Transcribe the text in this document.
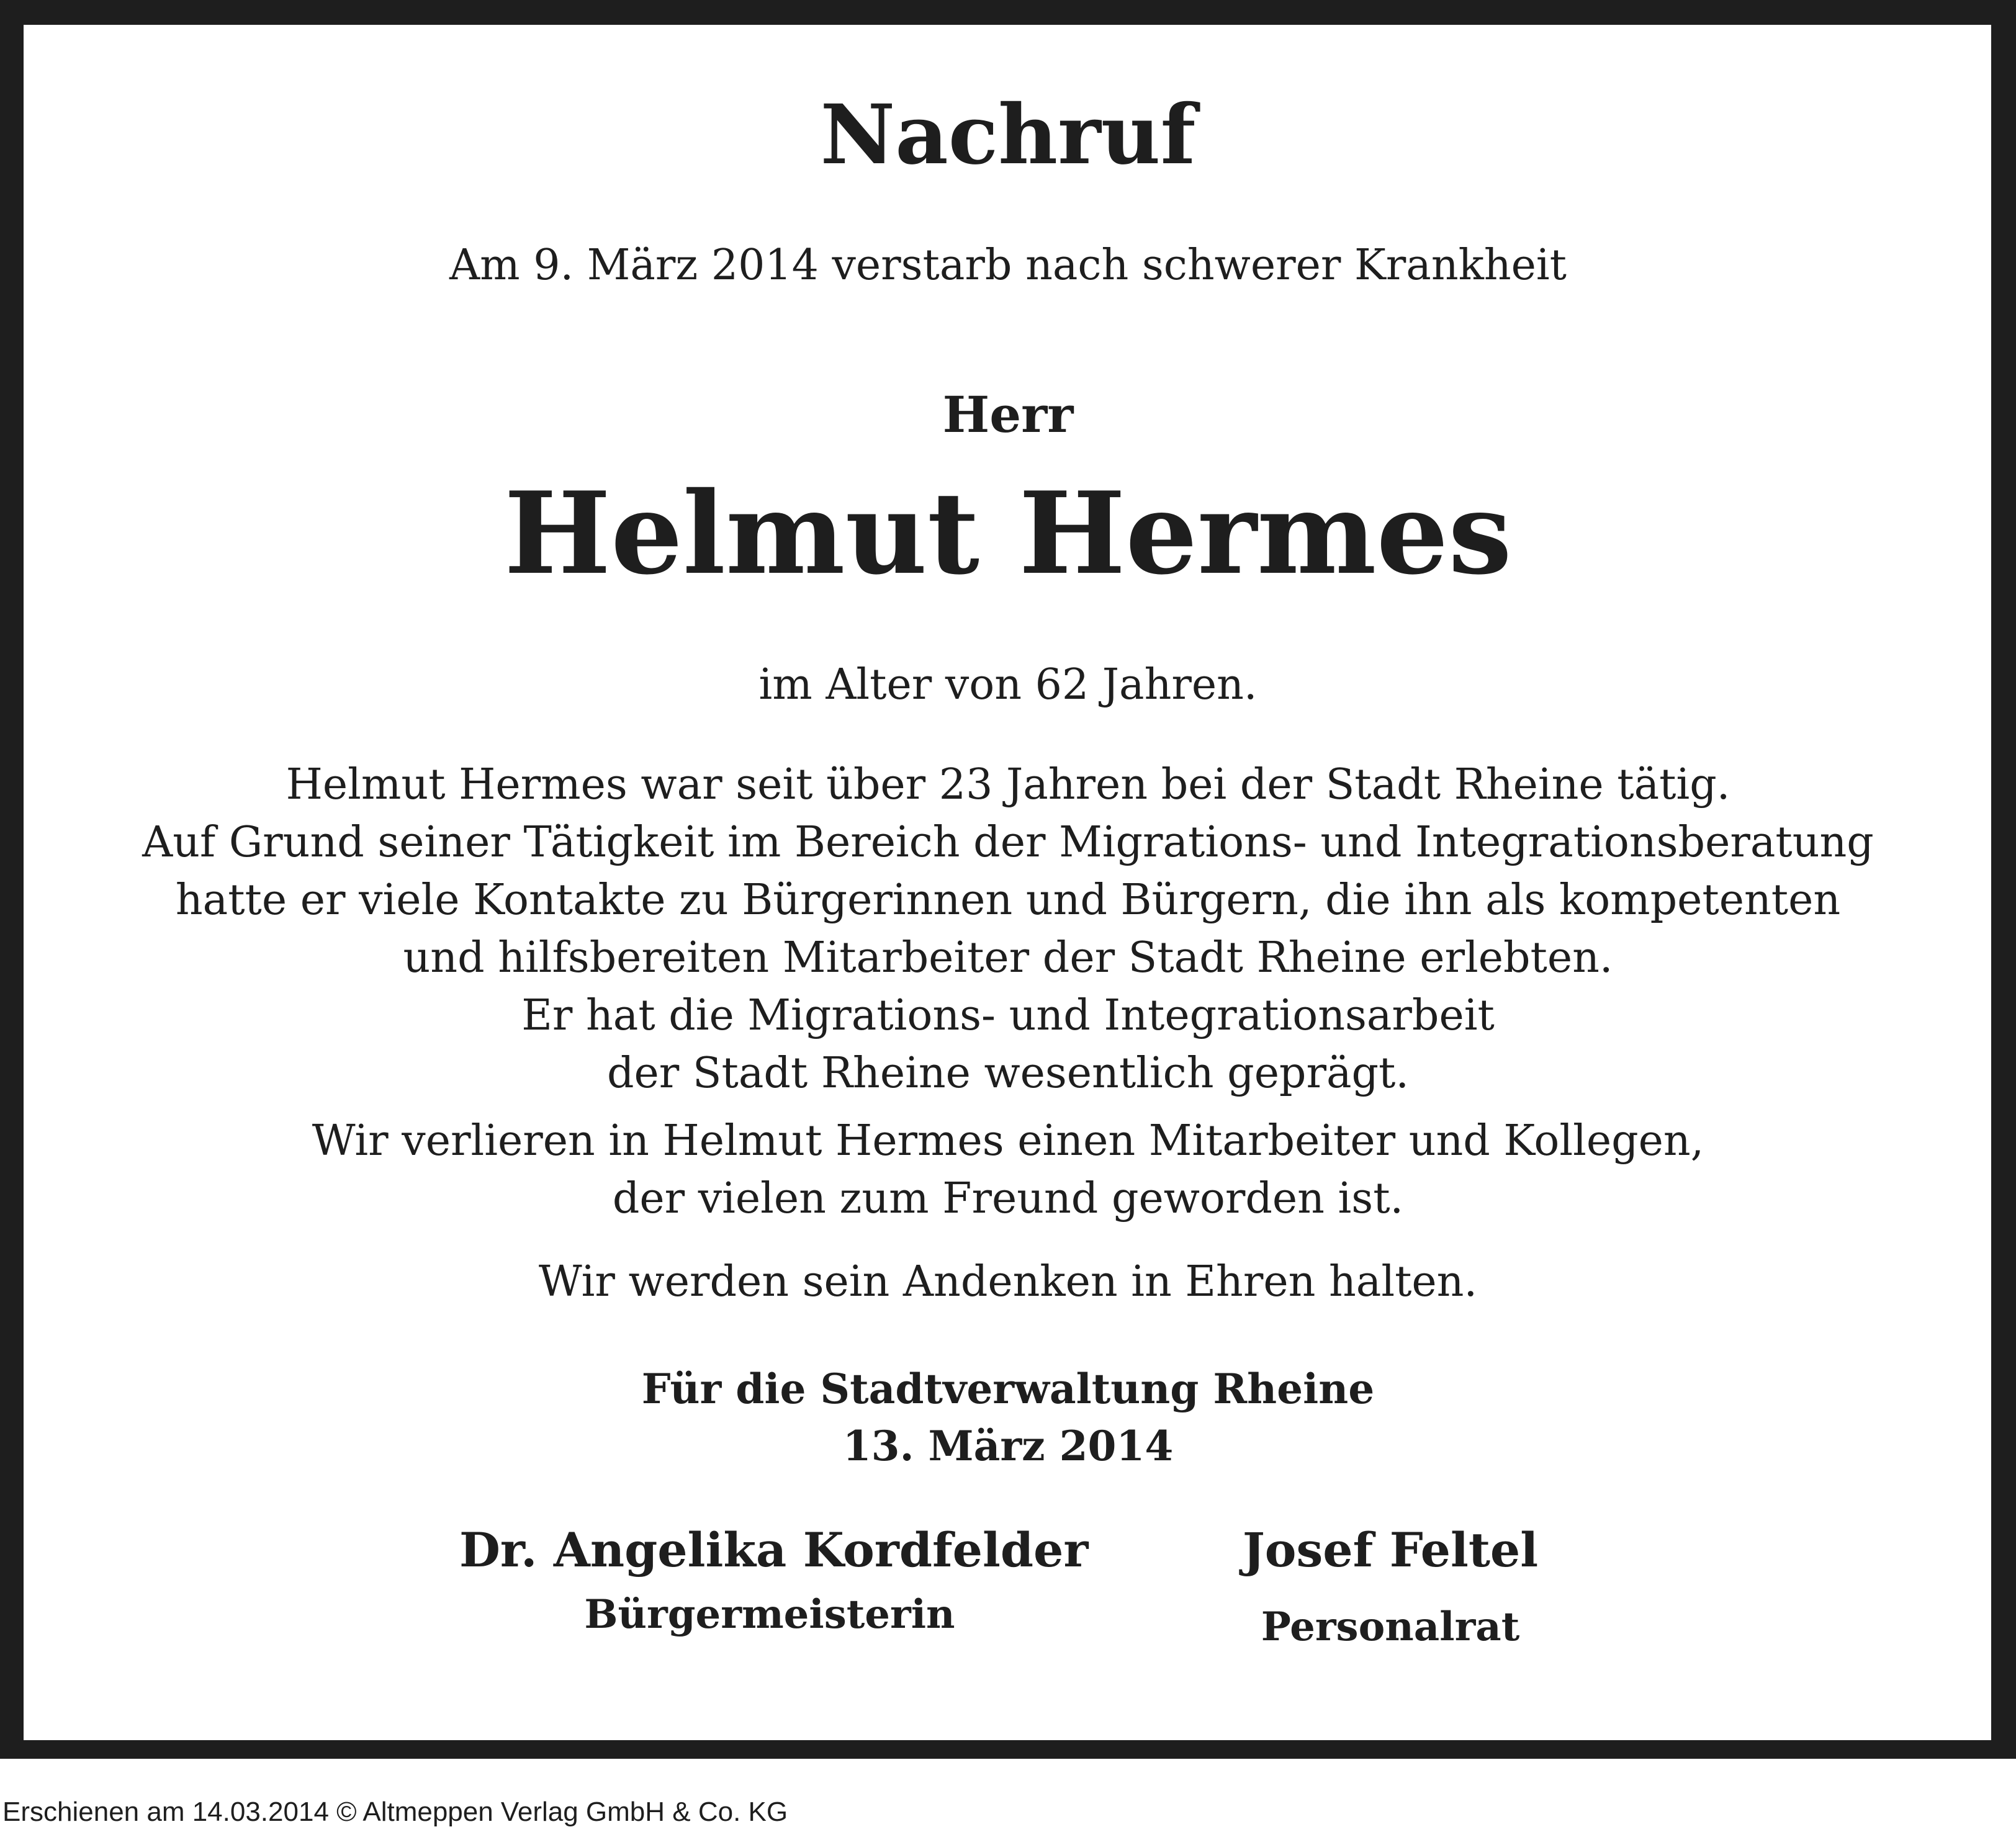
Nachruf
Am 9. März 2014 verstarb nach schwerer Krankheit
Herr
Helmut Hermes
im Alter von 62 Jahren.
Helmut Hermes war seit über 23 Jahren bei der Stadt Rheine tätig.
Auf Grund seiner Tätigkeit im Bereich der Migrations- und Integrationsberatung
hatte er viele Kontakte zu Bürgerinnen und Bürgern, die ihn als kompetenten
und hilfsbereiten Mitarbeiter der Stadt Rheine erlebten.
Er hat die Migrations- und Integrationsarbeit
der Stadt Rheine wesentlich geprägt.
Wir verlieren in Helmut Hermes einen Mitarbeiter und Kollegen,
der vielen zum Freund geworden ist.
Wir werden sein Andenken in Ehren halten.
Für die Stadtverwaltung Rheine
13. März 2014
Dr. Angelika Kordfelder
Bürgermeisterin
Josef Feltel
Personalrat
Erschienen am 14.03.2014 © Altmeppen Verlag GmbH & Co. KG
